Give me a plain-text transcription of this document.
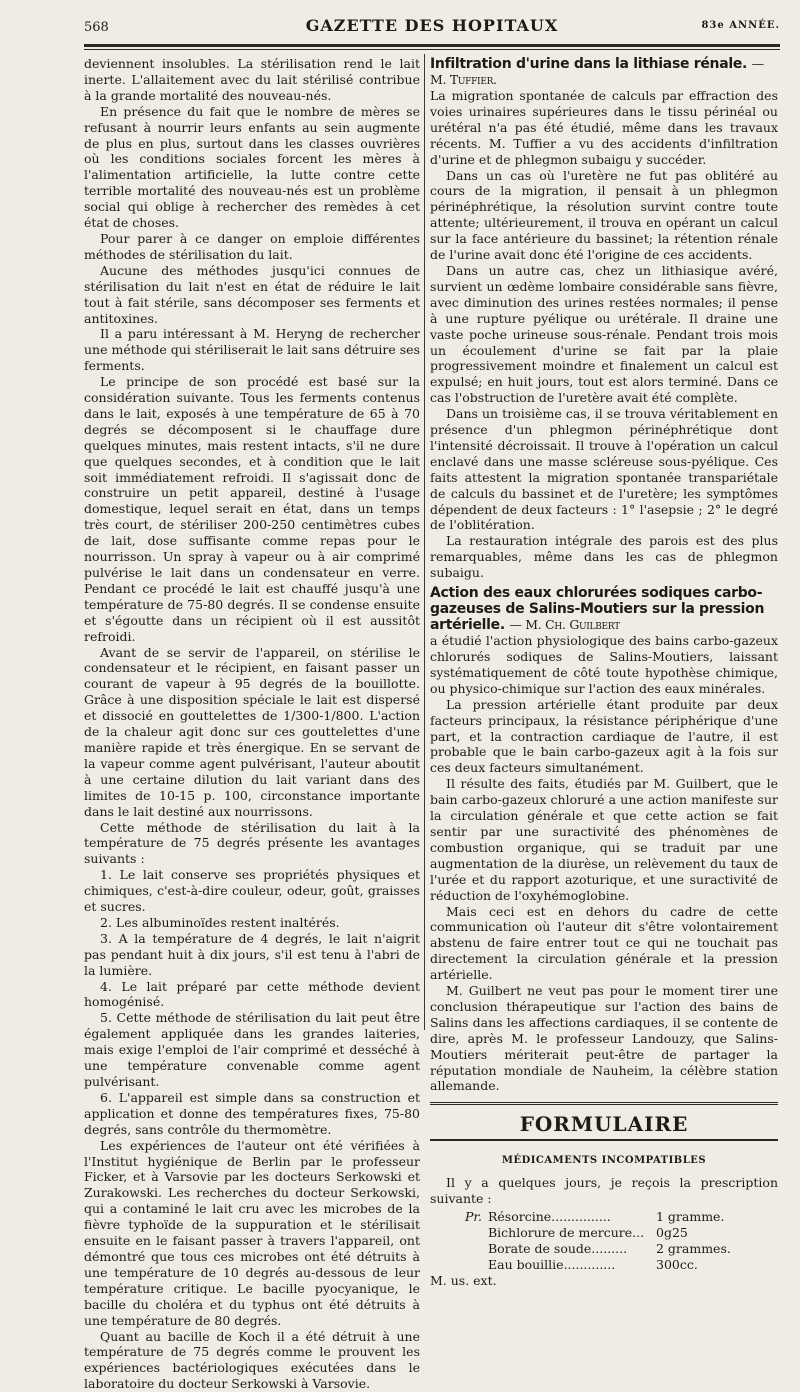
568	GAZETTE DES HOPITAUX	83e ANNÉE.

deviennent insolubles. La stérilisation rend le lait inerte. L'allaitement avec du lait stérilisé contribue à la grande mortalité des nouveau-nés.

En présence du fait que le nombre de mères se refusant à nourrir leurs enfants au sein augmente de plus en plus, surtout dans les classes ouvrières où les conditions sociales forcent les mères à l'alimentation artificielle, la lutte contre cette terrible mortalité des nouveau-nés est un problème social qui oblige à rechercher des remèdes à cet état de choses.

Pour parer à ce danger on emploie différentes méthodes de stérilisation du lait.

Aucune des méthodes jusqu'ici connues de stérilisation du lait n'est en état de réduire le lait tout à fait stérile, sans décomposer ses ferments et antitoxines.

Il a paru intéressant à M. Heryng de rechercher une méthode qui stériliserait le lait sans détruire ses ferments.

Le principe de son procédé est basé sur la considération suivante. Tous les ferments contenus dans le lait, exposés à une température de 65 à 70 degrés se décomposent si le chauffage dure quelques minutes, mais restent intacts, s'il ne dure que quelques secondes, et à condition que le lait soit immédiatement refroidi. Il s'agissait donc de construire un petit appareil, destiné à l'usage domestique, lequel serait en état, dans un temps très court, de stériliser 200-250 centimètres cubes de lait, dose suffisante comme repas pour le nourrisson. Un spray à vapeur ou à air comprimé pulvérise le lait dans un condensateur en verre. Pendant ce procédé le lait est chauffé jusqu'à une température de 75-80 degrés. Il se condense ensuite et s'égoutte dans un récipient où il est aussitôt refroidi.

Avant de se servir de l'appareil, on stérilise le condensateur et le récipient, en faisant passer un courant de vapeur à 95 degrés de la bouillotte. Grâce à une disposition spéciale le lait est dispersé et dissocié en gouttelettes de 1/300-1/800. L'action de la chaleur agit donc sur ces gouttelettes d'une manière rapide et très énergique. En se servant de la vapeur comme agent pulvérisant, l'auteur aboutit à une certaine dilution du lait variant dans des limites de 10-15 p. 100, circonstance importante dans le lait destiné aux nourrissons.

Cette méthode de stérilisation du lait à la température de 75 degrés présente les avantages suivants :

1. Le lait conserve ses propriétés physiques et chimiques, c'est-à-dire couleur, odeur, goût, graisses et sucres.

2. Les albuminoïdes restent inaltérés.

3. A la température de 4 degrés, le lait n'aigrit pas pendant huit à dix jours, s'il est tenu à l'abri de la lumière.

4. Le lait préparé par cette méthode devient homogénisé.

5. Cette méthode de stérilisation du lait peut être également appliquée dans les grandes laiteries, mais exige l'emploi de l'air comprimé et desséché à une température convenable comme agent pulvérisant.

6. L'appareil est simple dans sa construction et application et donne des températures fixes, 75-80 degrés, sans contrôle du thermomètre.

Les expériences de l'auteur ont été vérifiées à l'Institut hygiénique de Berlin par le professeur Ficker, et à Varsovie par les docteurs Serkowski et Zurakowski. Les recherches du docteur Serkowski, qui a contaminé le lait cru avec les microbes de la fièvre typhoïde de la suppuration et le stérilisait ensuite en le faisant passer à travers l'appareil, ont démontré que tous ces microbes ont été détruits à une température de 10 degrés au-dessous de leur température critique. Le bacille pyocyanique, le bacille du choléra et du typhus ont été détruits à une température de 80 degrés.

Quant au bacille de Koch il a été détruit à une température de 75 degrés comme le prouvent les expériences bactériologiques exécutées dans le laboratoire du docteur Serkowski à Varsovie.

Infiltration d'urine dans la lithiase rénale. — M. Tuffier.

La migration spontanée de calculs par effraction des voies urinaires supérieures dans le tissu périnéal ou urétéral n'a pas été étudié, même dans les travaux récents. M. Tuffier a vu des accidents d'infiltration d'urine et de phlegmon subaigu y succéder.

Dans un cas où l'uretère ne fut pas oblitéré au cours de la migration, il pensait à un phlegmon périnéphrétique, la résolution survint contre toute attente; ultérieurement, il trouva en opérant un calcul sur la face antérieure du bassinet; la rétention rénale de l'urine avait donc été l'origine de ces accidents.

Dans un autre cas, chez un lithiasique avéré, survient un œdème lombaire considérable sans fièvre, avec diminution des urines restées normales; il pense à une rupture pyélique ou urétérale. Il draine une vaste poche urineuse sous-rénale. Pendant trois mois un écoulement d'urine se fait par la plaie progressivement moindre et finalement un calcul est expulsé; en huit jours, tout est alors terminé. Dans ce cas l'obstruction de l'uretère avait été complète.

Dans un troisième cas, il se trouva véritablement en présence d'un phlegmon périnéphrétique dont l'intensité décroissait. Il trouve à l'opération un calcul enclavé dans une masse scléreuse sous-pyélique. Ces faits attestent la migration spontanée transpariétale de calculs du bassinet et de l'uretère; les symptômes dépendent de deux facteurs : 1° l'asepsie ; 2° le degré de l'oblitération.

La restauration intégrale des parois est des plus remarquables, même dans les cas de phlegmon subaigu.

Action des eaux chlorurées sodiques carbo-gazeuses de Salins-Moutiers sur la pression artérielle. — M. Ch. Guilbert

a étudié l'action physiologique des bains carbo-gazeux chlorurés sodiques de Salins-Moutiers, laissant systématiquement de côté toute hypothèse chimique, ou physico-chimique sur l'action des eaux minérales.

La pression artérielle étant produite par deux facteurs principaux, la résistance périphérique d'une part, et la contraction cardiaque de l'autre, il est probable que le bain carbo-gazeux agit à la fois sur ces deux facteurs simultanément.

Il résulte des faits, étudiés par M. Guilbert, que le bain carbo-gazeux chloruré a une action manifeste sur la circulation générale et que cette action se fait sentir par une suractivité des phénomènes de combustion organique, qui se traduit par une augmentation de la diurèse, un relèvement du taux de l'urée et du rapport azoturique, et une suractivité de réduction de l'oxyhémoglobine.

Mais ceci est en dehors du cadre de cette communication où l'auteur dit s'être volontairement abstenu de faire entrer tout ce qui ne touchait pas directement la circulation générale et la pression artérielle.

M. Guilbert ne veut pas pour le moment tirer une conclusion thérapeutique sur l'action des bains de Salins dans les affections cardiaques, il se contente de dire, après M. le professeur Landouzy, que Salins-Moutiers mériterait peut-être de partager la réputation mondiale de Nauheim, la célèbre station allemande.

FORMULAIRE
MÉDICAMENTS INCOMPATIBLES

Il y a quelques jours, je reçois la prescription suivante :

Pr. Résorcine...............	1 gramme.
Bichlorure de mercure... 0g25
Borate de soude.........	2 grammes.
Eau bouillie.............	300cc.

M. us. ext.
